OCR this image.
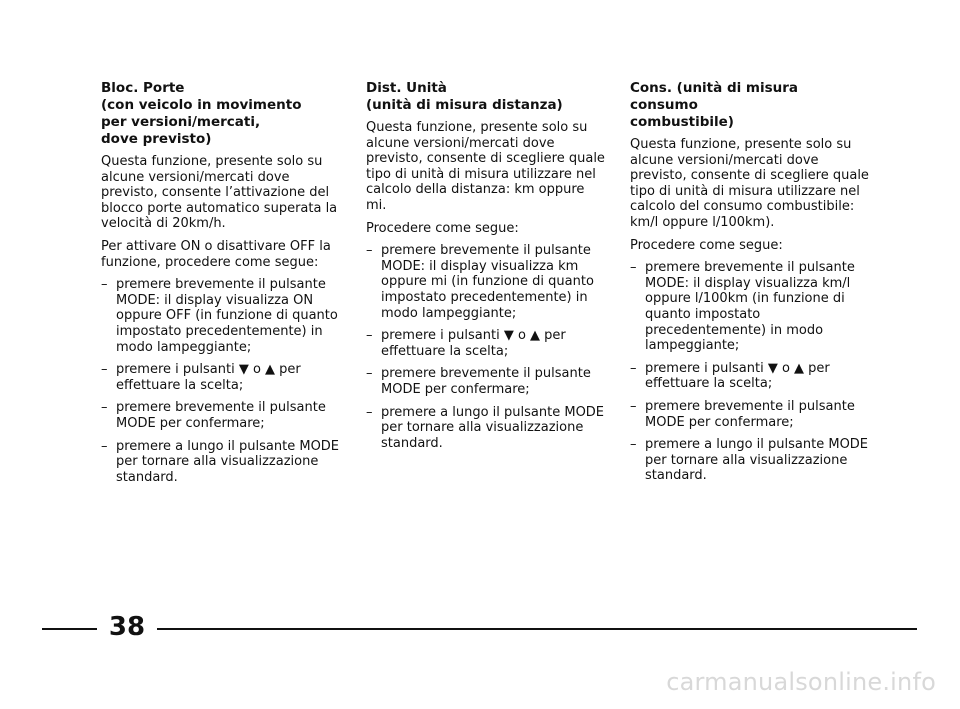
Bloc. Porte
(con veicolo in movimento
per versioni/mercati,
dove previsto)

Questa funzione, presente solo su alcune versioni/mercati dove previsto, consente l’attivazione del blocco porte automatico superata la velocità di 20km/h.

Per attivare ON o disattivare OFF la funzione, procedere come segue:

– premere brevemente il pulsante MODE: il display visualizza ON oppure OFF (in funzione di quanto impostato precedentemente) in modo lampeggiante;
– premere i pulsanti ▼ o ▲ per effettuare la scelta;
– premere brevemente il pulsante MODE per confermare;
– premere a lungo il pulsante MODE per tornare alla visualizzazione standard.
Dist. Unità
(unità di misura distanza)

Questa funzione, presente solo su alcune versioni/mercati dove previsto, consente di scegliere quale tipo di unità di misura utilizzare nel calcolo della distanza: km oppure mi.

Procedere come segue:

– premere brevemente il pulsante MODE: il display visualizza km oppure mi (in funzione di quanto impostato precedentemente) in modo lampeggiante;
– premere i pulsanti ▼ o ▲ per effettuare la scelta;
– premere brevemente il pulsante MODE per confermare;
– premere a lungo il pulsante MODE per tornare alla visualizzazione standard.
Cons. (unità di misura consumo
combustibile)

Questa funzione, presente solo su alcune versioni/mercati dove previsto, consente di scegliere quale tipo di unità di misura utilizzare nel calcolo del consumo combustibile: km/l oppure l/100km).

Procedere come segue:

– premere brevemente il pulsante MODE: il display visualizza km/l oppure l/100km (in funzione di quanto impostato precedentemente) in modo lampeggiante;
– premere i pulsanti ▼ o ▲ per effettuare la scelta;
– premere brevemente il pulsante MODE per confermare;
– premere a lungo il pulsante MODE per tornare alla visualizzazione standard.
38
carmanualsonline.info
